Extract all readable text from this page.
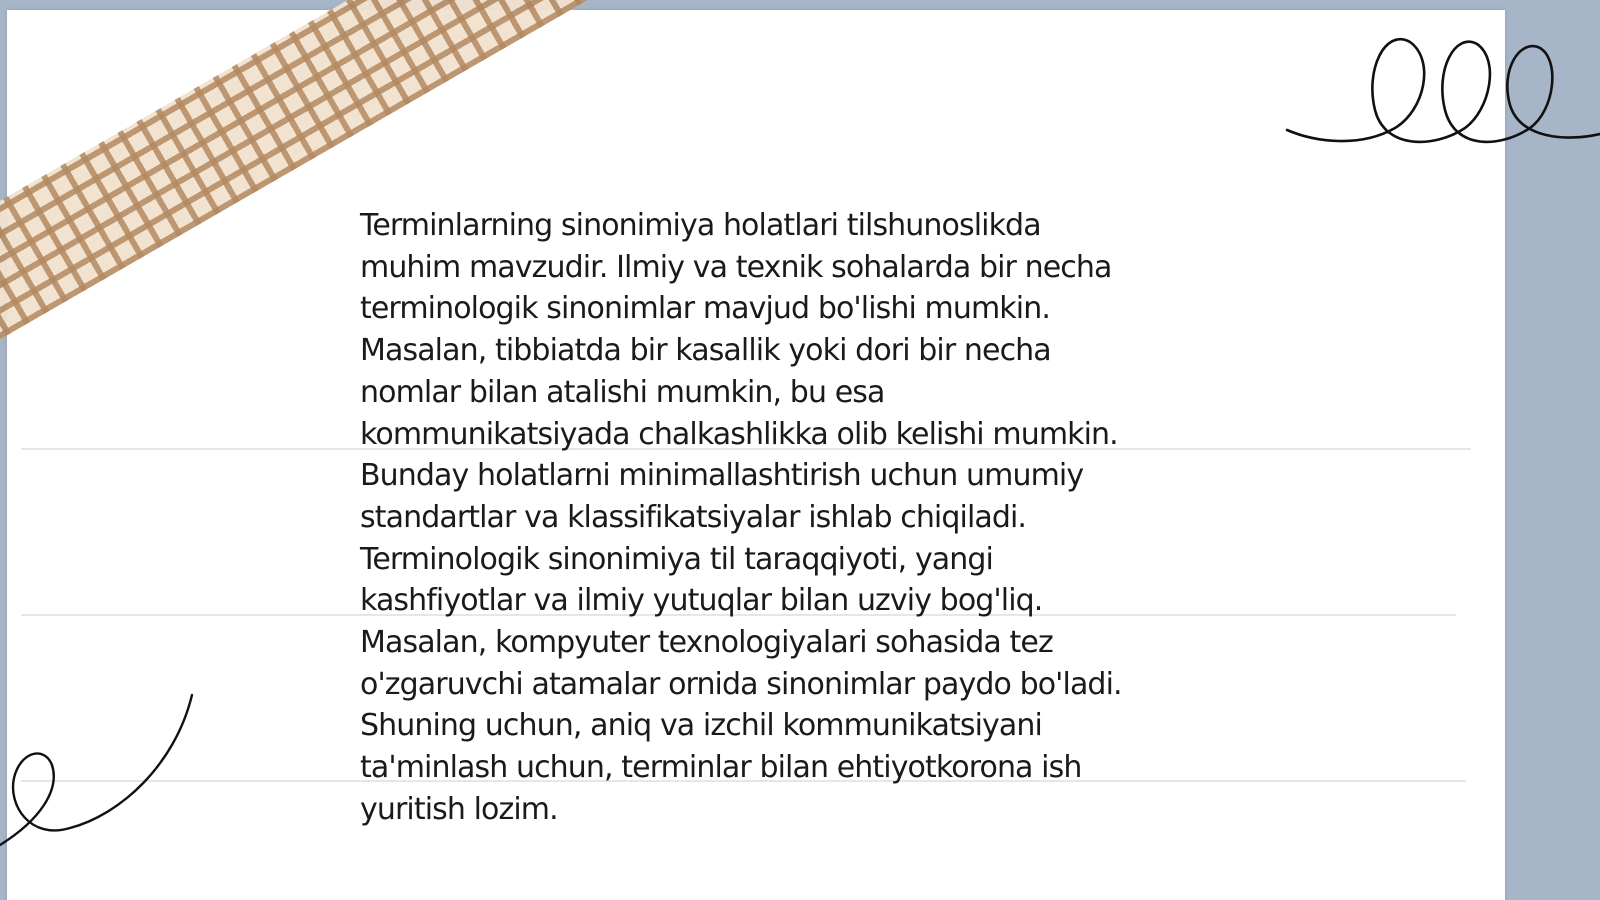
Terminlarning sinonimiya holatlari tilshunoslikda
muhim mavzudir. Ilmiy va texnik sohalarda bir necha
terminologik sinonimlar mavjud bo'lishi mumkin.
Masalan, tibbiatda bir kasallik yoki dori bir necha
nomlar bilan atalishi mumkin, bu esa
kommunikatsiyada chalkashlikka olib kelishi mumkin.
Bunday holatlarni minimallashtirish uchun umumiy
standartlar va klassifikatsiyalar ishlab chiqiladi.
Terminologik sinonimiya til taraqqiyoti, yangi
kashfiyotlar va ilmiy yutuqlar bilan uzviy bog'liq.
Masalan, kompyuter texnologiyalari sohasida tez
o'zgaruvchi atamalar ornida sinonimlar paydo bo'ladi.
Shuning uchun, aniq va izchil kommunikatsiyani
ta'minlash uchun, terminlar bilan ehtiyotkorona ish
yuritish lozim.
